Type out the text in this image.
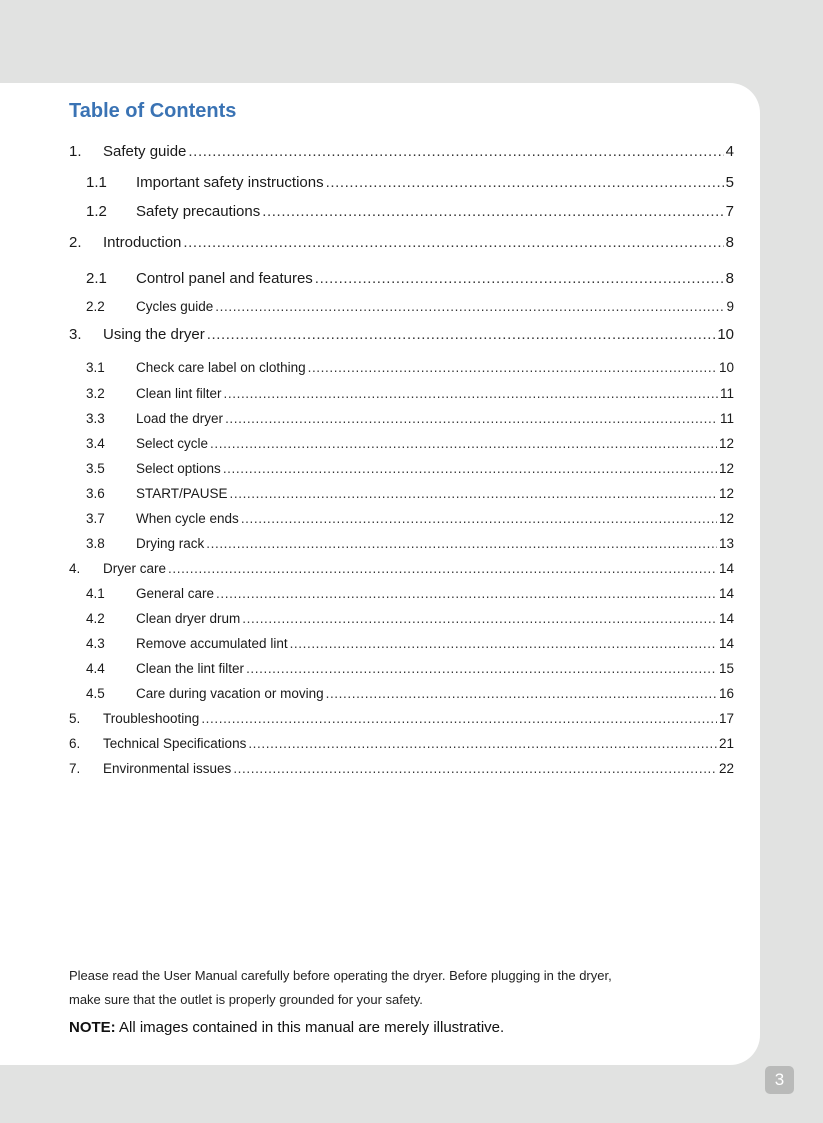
Table of Contents
1.	Safety guide .....	4
1.1	Important safety instructions .....	5
1.2	Safety precautions .....	7
2.	Introduction .....	8
2.1	Control panel and features .....	8
2.2	Cycles guide .....	9
3.	Using the dryer .....	10
3.1	Check care label on clothing .....	10
3.2	Clean lint filter .....	11
3.3	Load the dryer .....	11
3.4	Select cycle .....	12
3.5	Select options .....	12
3.6	START/PAUSE .....	12
3.7	When cycle ends .....	12
3.8	Drying rack .....	13
4.	Dryer care .....	14
4.1	General care .....	14
4.2	Clean dryer drum .....	14
4.3	Remove accumulated lint .....	14
4.4	Clean the lint filter .....	15
4.5	Care during vacation or moving .....	16
5.	Troubleshooting .....	17
6.	Technical Specifications .....	21
7.	Environmental issues .....	22

Please read the User Manual carefully before operating the dryer. Before plugging in the dryer,

make sure that the outlet is properly grounded for your safety.

NOTE: All images contained in this manual are merely illustrative.
3
